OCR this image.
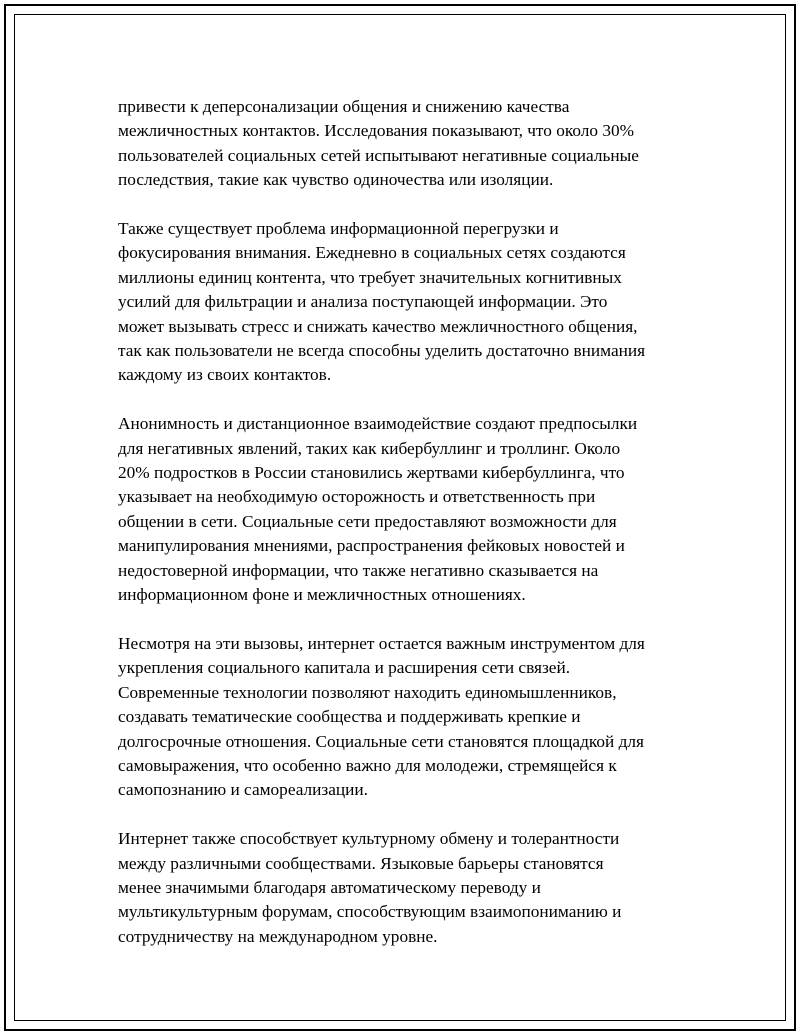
привести к деперсонализации общения и снижению качества
межличностных контактов. Исследования показывают, что около 30%
пользователей социальных сетей испытывают негативные социальные
последствия, такие как чувство одиночества или изоляции.

Также существует проблема информационной перегрузки и
фокусирования внимания. Ежедневно в социальных сетях создаются
миллионы единиц контента, что требует значительных когнитивных
усилий для фильтрации и анализа поступающей информации. Это
может вызывать стресс и снижать качество межличностного общения,
так как пользователи не всегда способны уделить достаточно внимания
каждому из своих контактов.

Анонимность и дистанционное взаимодействие создают предпосылки
для негативных явлений, таких как кибербуллинг и троллинг. Около
20% подростков в России становились жертвами кибербуллинга, что
указывает на необходимую осторожность и ответственность при
общении в сети. Социальные сети предоставляют возможности для
манипулирования мнениями, распространения фейковых новостей и
недостоверной информации, что также негативно сказывается на
информационном фоне и межличностных отношениях.

Несмотря на эти вызовы, интернет остается важным инструментом для
укрепления социального капитала и расширения сети связей.
Современные технологии позволяют находить единомышленников,
создавать тематические сообщества и поддерживать крепкие и
долгосрочные отношения. Социальные сети становятся площадкой для
самовыражения, что особенно важно для молодежи, стремящейся к
самопознанию и самореализации.

Интернет также способствует культурному обмену и толерантности
между различными сообществами. Языковые барьеры становятся
менее значимыми благодаря автоматическому переводу и
мультикультурным форумам, способствующим взаимопониманию и
сотрудничеству на международном уровне.
